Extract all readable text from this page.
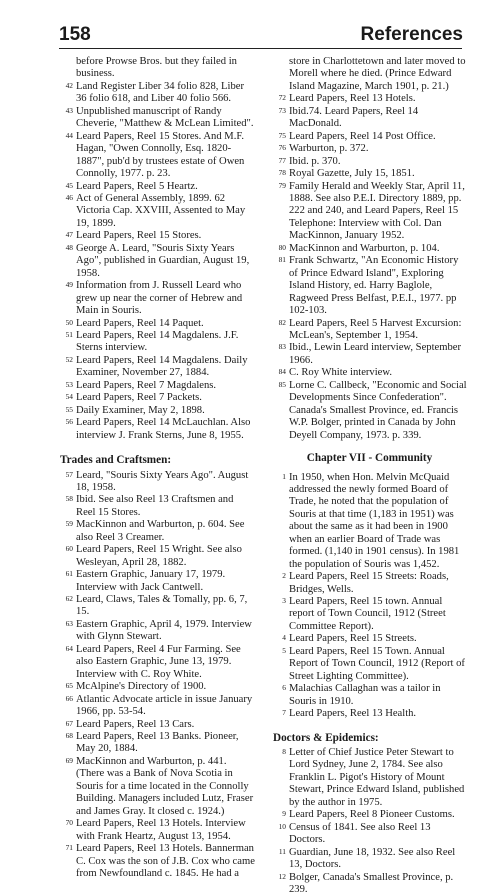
158	References
before Prowse Bros. but they failed in business.
42 Land Register Liber 34 folio 828, Liber 36 folio 618, and Liber 40 folio 566.
43 Unpublished manuscript of Randy Cheverie, "Matthew & McLean Limited".
44 Leard Papers, Reel 15 Stores. And M.F. Hagan, "Owen Connolly, Esq. 1820-1887", pub'd by trustees estate of Owen Connolly, 1977. p. 23.
45 Leard Papers, Reel 5 Heartz.
46 Act of General Assembly, 1899. 62 Victoria Cap. XXVIII, Assented to May 19, 1899.
47 Leard Papers, Reel 15 Stores.
48 George A. Leard, "Souris Sixty Years Ago", published in Guardian, August 19, 1958.
49 Information from J. Russell Leard who grew up near the corner of Hebrew and Main in Souris.
50 Leard Papers, Reel 14 Paquet.
51 Leard Papers, Reel 14 Magdalens. J.F. Sterns interview.
52 Leard Papers, Reel 14 Magdalens. Daily Examiner, November 27, 1884.
53 Leard Papers, Reel 7 Magdalens.
54 Leard Papers, Reel 7 Packets.
55 Daily Examiner, May 2, 1898.
56 Leard Papers, Reel 14 McLauchlan. Also interview J. Frank Sterns, June 8, 1955.
Trades and Craftsmen:
57 Leard, "Souris Sixty Years Ago". August 18, 1958.
58 Ibid. See also Reel 13 Craftsmen and Reel 15 Stores.
59 MacKinnon and Warburton, p. 604. See also Reel 3 Creamer.
60 Leard Papers, Reel 15 Wright. See also Wesleyan, April 28, 1882.
61 Eastern Graphic, January 17, 1979. Interview with Jack Cantwell.
62 Leard, Claws, Tales & Tomally, pp. 6, 7, 15.
63 Eastern Graphic, April 4, 1979. Interview with Glynn Stewart.
64 Leard Papers, Reel 4 Fur Farming. See also Eastern Graphic, June 13, 1979. Interview with C. Roy White.
65 McAlpine's Directory of 1900.
66 Atlantic Advocate article in issue January 1966, pp. 53-54.
67 Leard Papers, Reel 13 Cars.
68 Leard Papers, Reel 13 Banks. Pioneer, May 20, 1884.
69 MacKinnon and Warburton, p. 441. (There was a Bank of Nova Scotia in Souris for a time located in the Connolly Building. Managers included Lutz, Fraser and James Gray. It closed c. 1924.)
70 Leard Papers, Reel 13 Hotels. Interview with Frank Heartz, August 13, 1954.
71 Leard Papers, Reel 13 Hotels. Bannerman C. Cox was the son of J.B. Cox who came from Newfoundland c. 1845. He had a
store in Charlottetown and later moved to Morell where he died. (Prince Edward Island Magazine, March 1901, p. 21.)
72 Leard Papers, Reel 13 Hotels.
73 Ibid.74. Leard Papers, Reel 14 MacDonald.
75 Leard Papers, Reel 14 Post Office.
76 Warburton, p. 372.
77 Ibid. p. 370.
78 Royal Gazette, July 15, 1851.
79 Family Herald and Weekly Star, April 11, 1888. See also P.E.I. Directory 1889, pp. 222 and 240, and Leard Papers, Reel 15 Telephone: Interview with Col. Dan MacKinnon, January 1952.
80 MacKinnon and Warburton, p. 104.
81 Frank Schwartz, "An Economic History of Prince Edward Island", Exploring Island History, ed. Harry Baglole, Ragweed Press Belfast, P.E.I., 1977. pp 102-103.
82 Leard Papers, Reel 5 Harvest Excursion: McLean's, September 1, 1954.
83 Ibid., Lewin Leard interview, September 1966.
84 C. Roy White interview.
85 Lorne C. Callbeck, "Economic and Social Developments Since Confederation". Canada's Smallest Province, ed. Francis W.P. Bolger, printed in Canada by John Deyell Company, 1973. p. 339.
Chapter VII - Community
1 In 1950, when Hon. Melvin McQuaid addressed the newly formed Board of Trade, he noted that the population of Souris at that time (1,183 in 1951) was about the same as it had been in 1900 when an earlier Board of Trade was formed. (1,140 in 1901 census). In 1981 the population of Souris was 1,452.
2 Leard Papers, Reel 15 Streets: Roads, Bridges, Wells.
3 Leard Papers, Reel 15 town. Annual report of Town Council, 1912 (Street Committee Report).
4 Leard Papers, Reel 15 Streets.
5 Leard Papers, Reel 15 Town. Annual Report of Town Council, 1912 (Report of Street Lighting Committee).
6 Malachias Callaghan was a tailor in Souris in 1910.
7 Leard Papers, Reel 13 Health.
Doctors & Epidemics:
8 Letter of Chief Justice Peter Stewart to Lord Sydney, June 2, 1784. See also Franklin L. Pigot's History of Mount Stewart, Prince Edward Island, published by the author in 1975.
9 Leard Papers, Reel 8 Pioneer Customs.
10 Census of 1841. See also Reel 13 Doctors.
11 Guardian, June 18, 1932. See also Reel 13, Doctors.
12 Bolger, Canada's Smallest Province, p. 239.
